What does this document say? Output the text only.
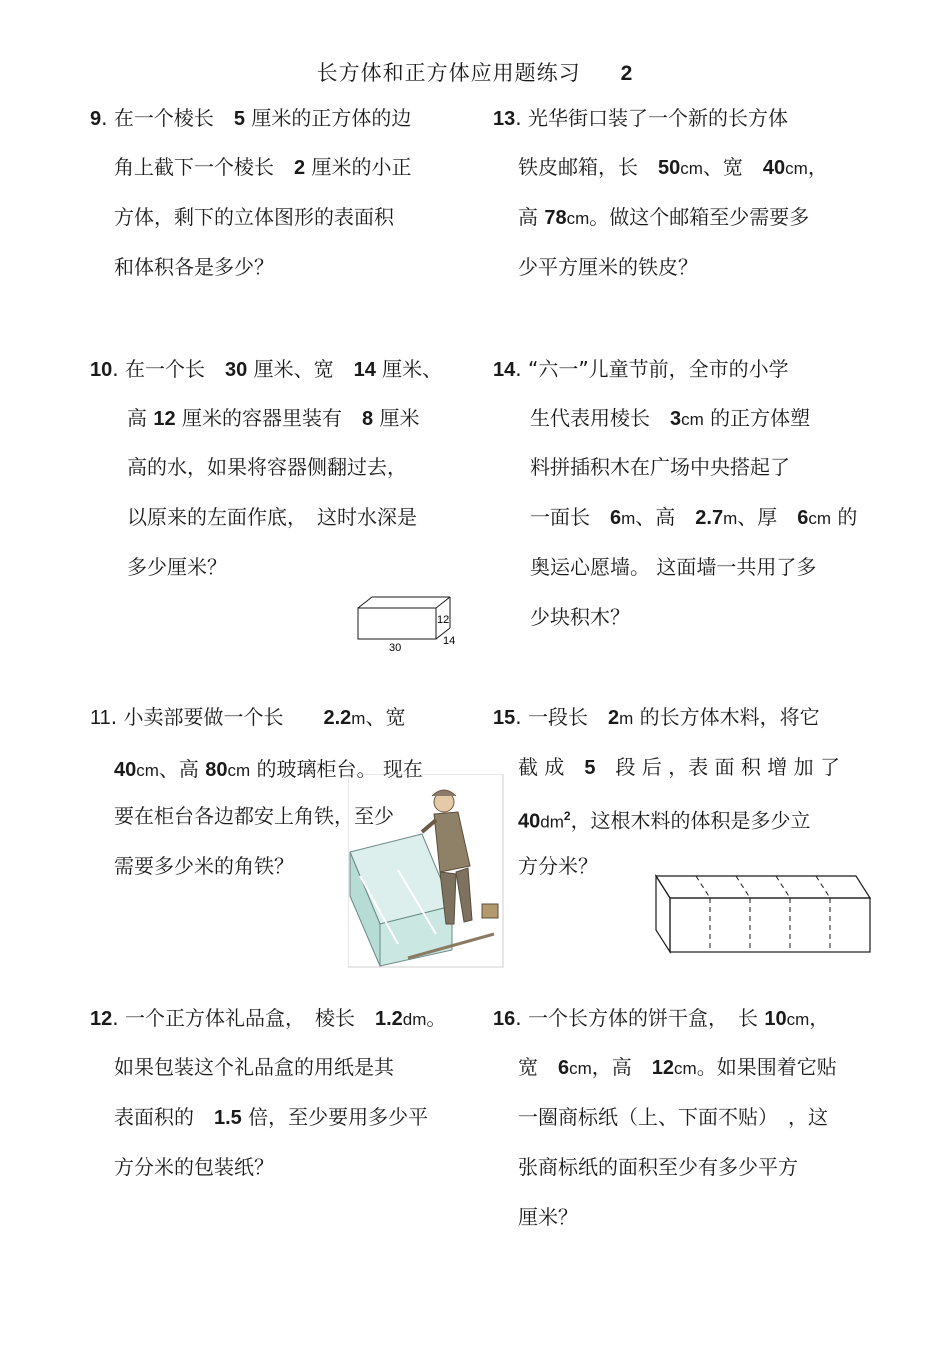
长方体和正方体应用题练习 2
9. 在一个棱长　5 厘米的正方体的边
角上截下一个棱长　2 厘米的小正
方体，剩下的立体图形的表面积
和体积各是多少？
13. 光华街口装了一个新的长方体
铁皮邮箱，长　50cm、宽　40cm，
高 78cm。做这个邮箱至少需要多
少平方厘米的铁皮？
10. 在一个长　30 厘米、宽　14 厘米、
高 12 厘米的容器里装有　8 厘米
高的水，如果将容器侧翻过去，
以原来的左面作底，　这时水深是
多少厘米？
12
14
30
14. “六一”儿童节前，全市的小学
生代表用棱长　3cm 的正方体塑
料拼插积木在广场中央搭起了
一面长　6m、高　2.7m、厚　6cm 的
奥运心愿墙。 这面墙一共用了多
少块积木？
11. 小卖部要做一个长　　2.2m、宽
40cm、高 80cm 的玻璃柜台。 现在
要在柜台各边都安上角铁，至少
需要多少米的角铁？
15. 一段长　2m 的长方体木料，将它
截 成　5　段 后 ，表 面 积 增 加 了
$40dm^2$，这根木料的体积是多少立
方分米？
12. 一个正方体礼品盒，　棱长　1.2dm。
如果包装这个礼品盒的用纸是其
表面积的　1.5 倍，至少要用多少平
方分米的包装纸？
16. 一个长方体的饼干盒，　长 10cm，
宽　6cm，高　12cm。如果围着它贴
一圈商标纸（上、下面不贴）　，这
张商标纸的面积至少有多少平方
厘米？
